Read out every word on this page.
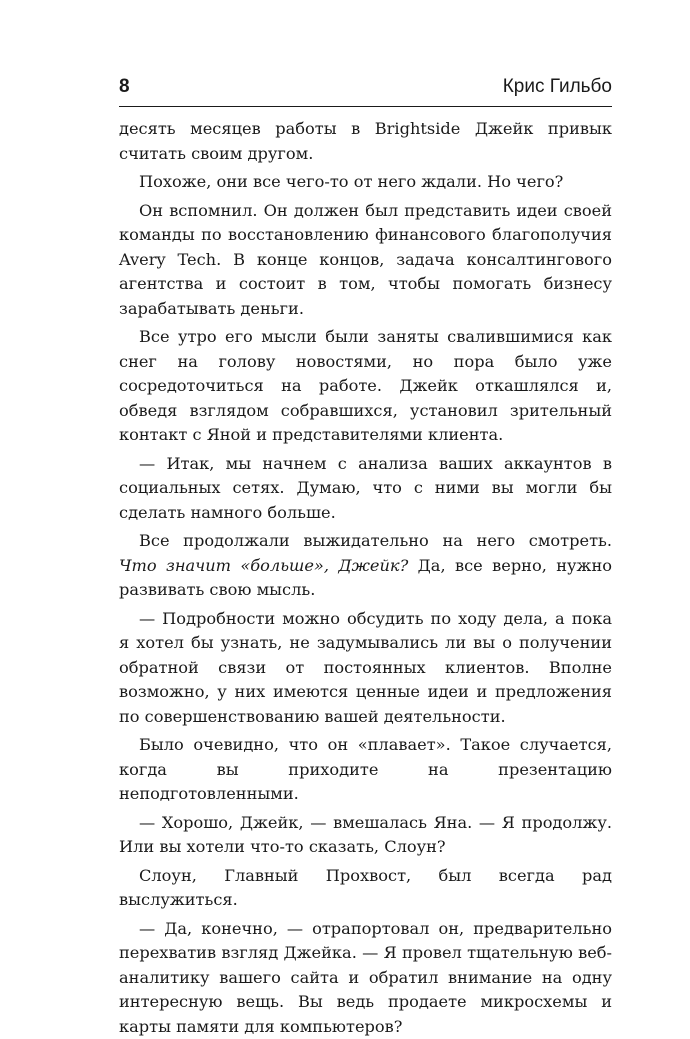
8	Крис Гильбо

десять месяцев работы в Brightside Джейк привык считать своим другом.

Похоже, они все чего-то от него ждали. Но чего?

Он вспомнил. Он должен был представить идеи своей команды по восстановлению финансового благополучия Avery Tech. В конце концов, задача консалтингового агентства и состоит в том, чтобы помогать бизнесу зарабатывать деньги.

Все утро его мысли были заняты свалившимися как снег на голову новостями, но пора было уже сосредоточиться на работе. Джейк откашлялся и, обведя взглядом собравшихся, установил зрительный контакт с Яной и представителями клиента.

— Итак, мы начнем с анализа ваших аккаунтов в социальных сетях. Думаю, что с ними вы могли бы сделать намного больше.

Все продолжали выжидательно на него смотреть. Что значит «больше», Джейк? Да, все верно, нужно развивать свою мысль.

— Подробности можно обсудить по ходу дела, а пока я хотел бы узнать, не задумывались ли вы о получении обратной связи от постоянных клиентов. Вполне возможно, у них имеются ценные идеи и предложения по совершенствованию вашей деятельности.

Было очевидно, что он «плавает». Такое случается, когда вы приходите на презентацию неподготовленными.

— Хорошо, Джейк, — вмешалась Яна. — Я продолжу. Или вы хотели что-то сказать, Слоун?

Слоун, Главный Прохвост, был всегда рад выслужиться.

— Да, конечно, — отрапортовал он, предварительно перехватив взгляд Джейка. — Я провел тщательную веб-аналитику вашего сайта и обратил внимание на одну интересную вещь. Вы ведь продаете микросхемы и карты памяти для компьютеров?
